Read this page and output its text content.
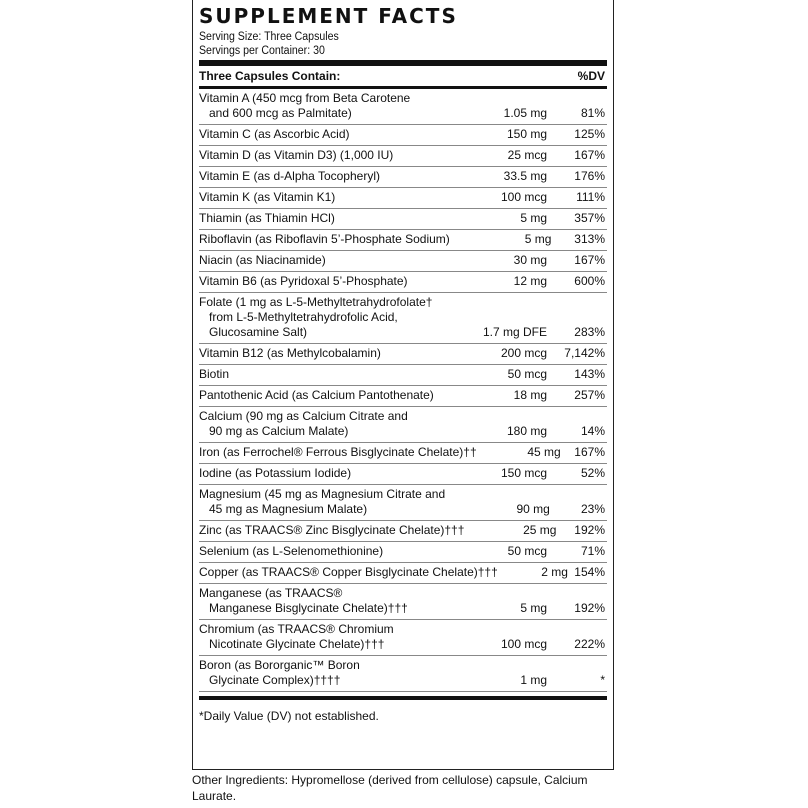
SUPPLEMENT FACTS
Serving Size: Three Capsules
Servings per Container: 30
Three Capsules Contain:	%DV
Vitamin A (450 mcg from Beta Carotene
and 600 mcg as Palmitate)	1.05 mg	81%
Vitamin C (as Ascorbic Acid)	150 mg	125%
Vitamin D (as Vitamin D3) (1,000 IU)	25 mcg	167%
Vitamin E (as d-Alpha Tocopheryl)	33.5 mg	176%
Vitamin K (as Vitamin K1)	100 mcg	111%
Thiamin (as Thiamin HCl)	5 mg	357%
Riboflavin (as Riboflavin 5’-Phosphate Sodium)	5 mg	313%
Niacin (as Niacinamide)	30 mg	167%
Vitamin B6 (as Pyridoxal 5’-Phosphate)	12 mg	600%
Folate (1 mg as L-5-Methyltetrahydrofolate†
from L-5-Methyltetrahydrofolic Acid,
Glucosamine Salt)	1.7 mg DFE	283%
Vitamin B12 (as Methylcobalamin)	200 mcg	7,142%
Biotin	50 mcg	143%
Pantothenic Acid (as Calcium Pantothenate)	18 mg	257%
Calcium (90 mg as Calcium Citrate and
90 mg as Calcium Malate)	180 mg	14%
Iron (as Ferrochel® Ferrous Bisglycinate Chelate)††	45 mg	167%
Iodine (as Potassium Iodide)	150 mcg	52%
Magnesium (45 mg as Magnesium Citrate and
45 mg as Magnesium Malate)	90 mg	23%
Zinc (as TRAACS® Zinc Bisglycinate Chelate)†††	25 mg	192%
Selenium (as L-Selenomethionine)	50 mcg	71%
Copper (as TRAACS® Copper Bisglycinate Chelate)†††	2 mg 154%
Manganese (as TRAACS®
Manganese Bisglycinate Chelate)†††	5 mg	192%
Chromium (as TRAACS® Chromium
Nicotinate Glycinate Chelate)†††	100 mcg	222%
Boron (as Bororganic™ Boron
Glycinate Complex)††††	1 mg	*
*Daily Value (DV) not established.
Other Ingredients: Hypromellose (derived from cellulose) capsule, Calcium Laurate.
